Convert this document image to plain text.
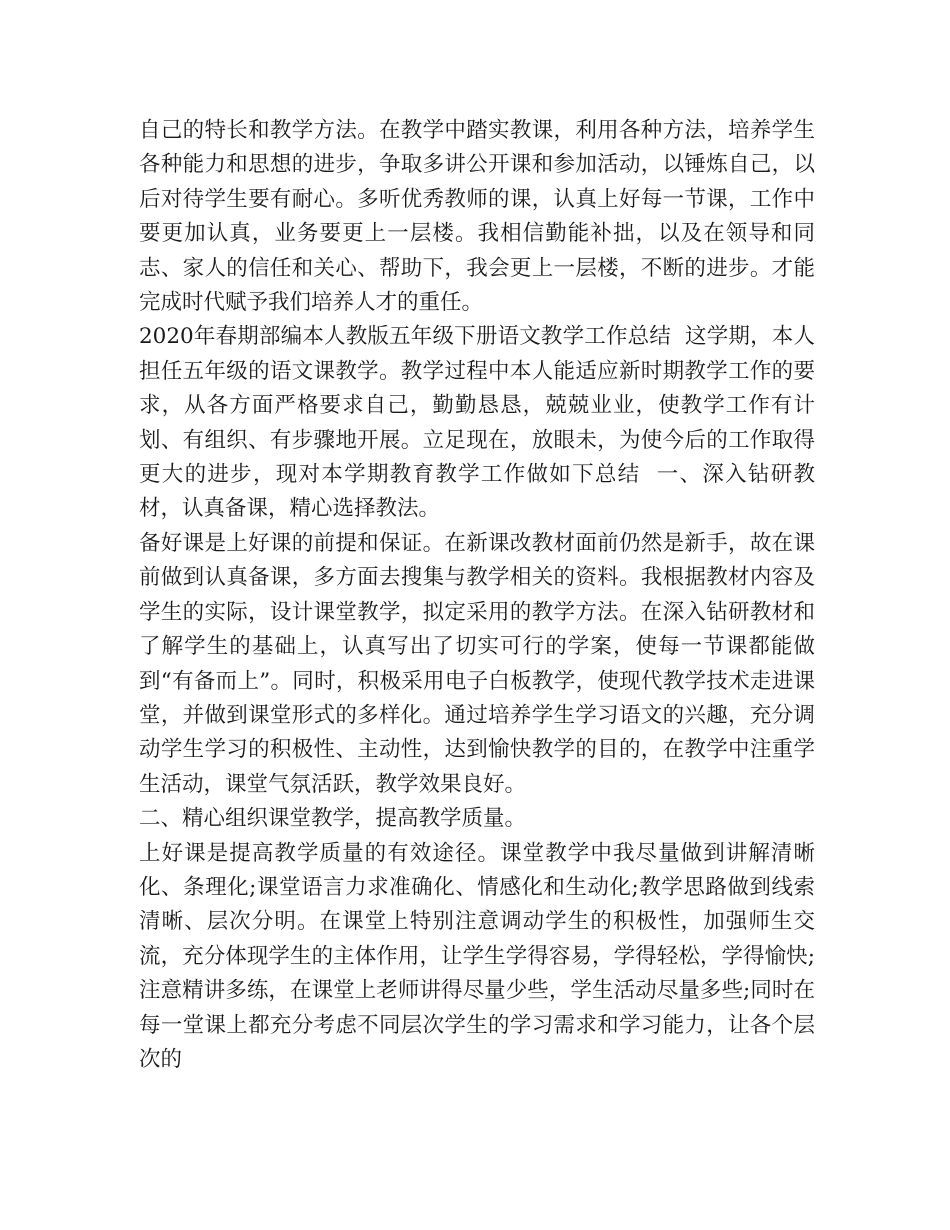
自己的特长和教学方法。在教学中踏实教课，利用各种方法，培养学生各种能力和思想的进步，争取多讲公开课和参加活动，以锤炼自己，以后对待学生要有耐心。多听优秀教师的课，认真上好每一节课，工作中要更加认真，业务要更上一层楼。我相信勤能补拙，以及在领导和同志、家人的信任和关心、帮助下，我会更上一层楼，不断的进步。才能完成时代赋予我们培养人才的重任。

2020年春期部编本人教版五年级下册语文教学工作总结  这学期，本人担任五年级的语文课教学。教学过程中本人能适应新时期教学工作的要求，从各方面严格要求自己，勤勤恳恳，兢兢业业，使教学工作有计划、有组织、有步骤地开展。立足现在，放眼未，为使今后的工作取得更大的进步，现对本学期教育教学工作做如下总结  一、深入钻研教材，认真备课，精心选择教法。

备好课是上好课的前提和保证。在新课改教材面前仍然是新手，故在课前做到认真备课，多方面去搜集与教学相关的资料。我根据教材内容及学生的实际，设计课堂教学，拟定采用的教学方法。在深入钻研教材和了解学生的基础上，认真写出了切实可行的学案，使每一节课都能做到“有备而上”。同时，积极采用电子白板教学，使现代教学技术走进课堂，并做到课堂形式的多样化。通过培养学生学习语文的兴趣，充分调动学生学习的积极性、主动性，达到愉快教学的目的，在教学中注重学生活动，课堂气氛活跃，教学效果良好。

二、精心组织课堂教学，提高教学质量。

上好课是提高教学质量的有效途径。课堂教学中我尽量做到讲解清晰化、条理化;课堂语言力求准确化、情感化和生动化;教学思路做到线索清晰、层次分明。在课堂上特别注意调动学生的积极性，加强师生交流，充分体现学生的主体作用，让学生学得容易，学得轻松，学得愉快;注意精讲多练，在课堂上老师讲得尽量少些，学生活动尽量多些;同时在每一堂课上都充分考虑不同层次学生的学习需求和学习能力，让各个层次的
